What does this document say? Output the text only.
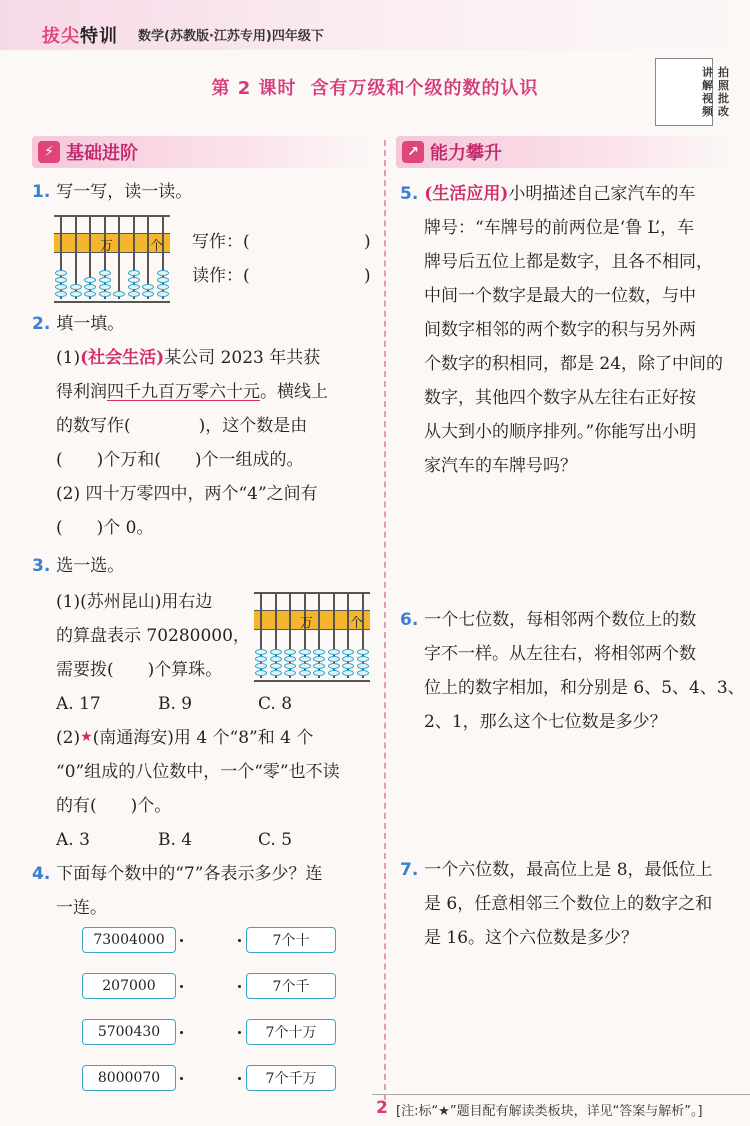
拔尖特训 数学(苏教版·江苏专用)四年级下
第 2 课时 含有万级和个级的数的认识
讲 拍
解 照
视 批
频 改
⚡ 基础进阶	↗ 能力攀升
1. 写一写，读一读。
万	个 写作：(	)
读作：(	)
2. 填一填。
(1)(社会生活)某公司 2023 年共获
得利润四千九百万零六十元。横线上
的数写作(　　　　)，这个数是由
(　　)个万和(　　)个一组成的。
(2) 四十万零四中，两个“4”之间有
(　　)个 0。
3. 选一选。
(1)(苏州昆山)用右边
的算盘表示 70280000，
需要拨(　　)个算珠。
万	个
A. 17	B. 9	C. 8
(2)★(南通海安)用 4 个“8”和 4 个
“0”组成的八位数中，一个“零”也不读
的有(　　)个。
A. 3	B. 4	C. 5
4. 下面每个数中的“7”各表示多少？连
一连。
73004000
207000
5700430
8000070
7个十
7个千
7个十万
7个千万
5. (生活应用)小明描述自己家汽车的车
牌号：“车牌号的前两位是‘鲁 L’，车
牌号后五位上都是数字，且各不相同，
中间一个数字是最大的一位数，与中
间数字相邻的两个数字的积与另外两
个数字的积相同，都是 24，除了中间的
数字，其他四个数字从左往右正好按
从大到小的顺序排列。”你能写出小明
家汽车的车牌号吗？
6. 一个七位数，每相邻两个数位上的数
字不一样。从左往右，将相邻两个数
位上的数字相加，和分别是 6、5、4、3、
2、1，那么这个七位数是多少？
7. 一个六位数，最高位上是 8，最低位上
是 6，任意相邻三个数位上的数字之和
是 16。这个六位数是多少？
2 [注:标“★”题目配有解读类板块，详见“答案与解析”。]
